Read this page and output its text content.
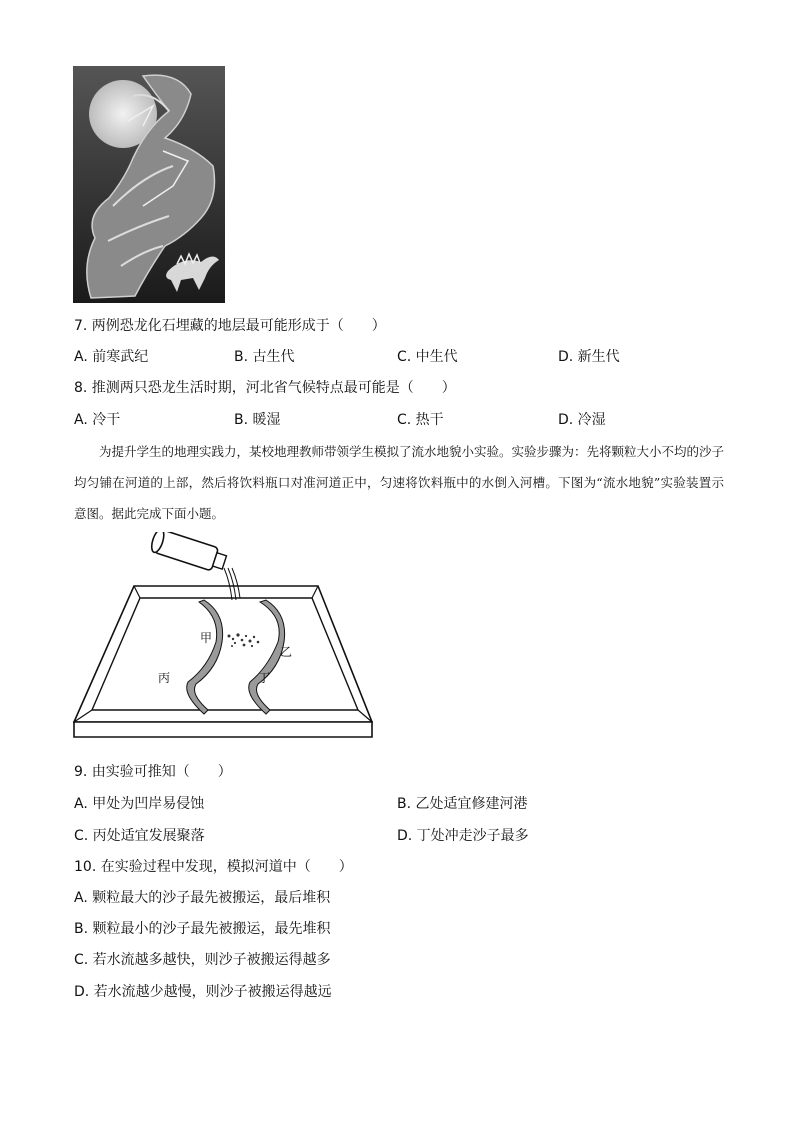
7. 两例恐龙化石埋藏的地层最可能形成于（　　）
A. 前寒武纪	B. 古生代	C. 中生代	D. 新生代
8. 推测两只恐龙生活时期，河北省气候特点最可能是（　　）
A. 冷干	B. 暖湿	C. 热干	D. 冷湿
为提升学生的地理实践力，某校地理教师带领学生模拟了流水地貌小实验。实验步骤为：先将颗粒大小不均的沙子均匀铺在河道的上部，然后将饮料瓶口对准河道正中，匀速将饮料瓶中的水倒入河槽。下图为“流水地貌”实验装置示意图。据此完成下面小题。
甲
乙
丙	丁
9. 由实验可推知（　　）
A. 甲处为凹岸易侵蚀	B. 乙处适宜修建河港
C. 丙处适宜发展聚落	D. 丁处冲走沙子最多
10. 在实验过程中发现，模拟河道中（　　）
A. 颗粒最大的沙子最先被搬运，最后堆积
B. 颗粒最小的沙子最先被搬运，最先堆积
C. 若水流越多越快，则沙子被搬运得越多
D. 若水流越少越慢，则沙子被搬运得越远
